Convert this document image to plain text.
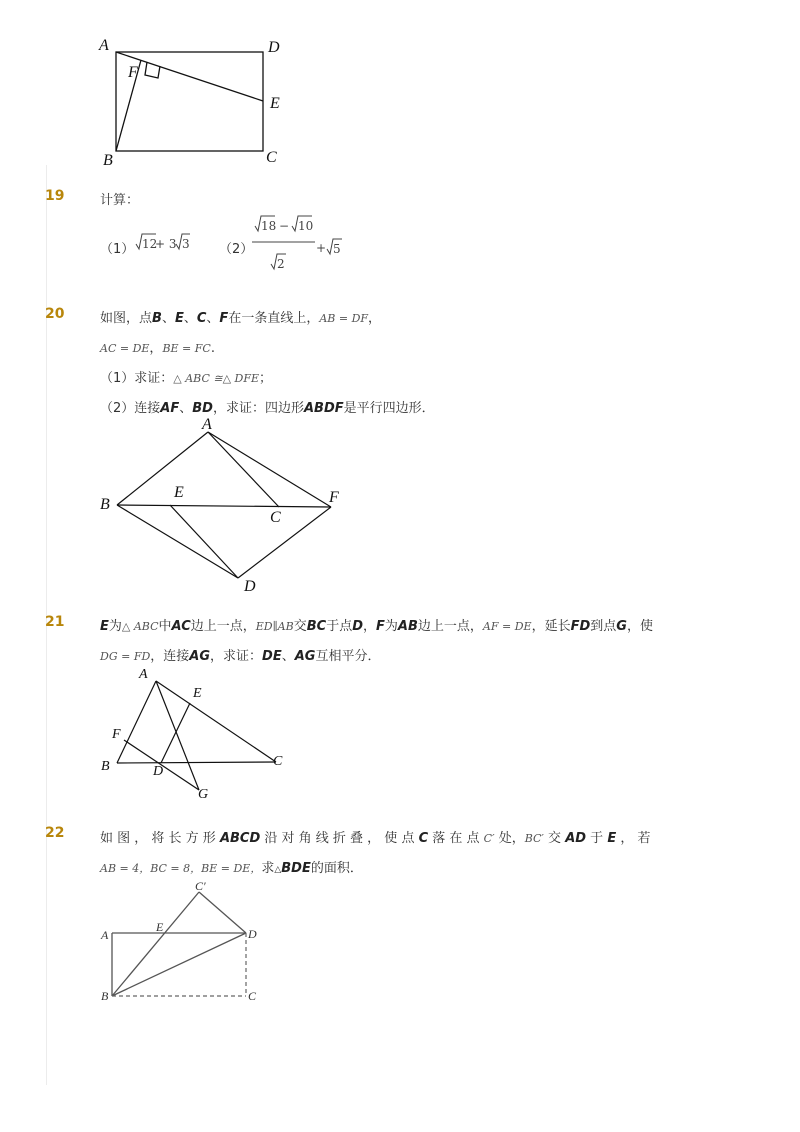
A	D
F
E
B	C
19	计算：
（1） 12
+ 3 3
18 − 10
2
+ 5
（2）
20	如图，点B、E、C、F在一条直线上，AB = DF，
AC = DE，BE = FC.
（1）求证：△ ABC ≅△ DFE；
（2）连接AF、BD，求证：四边形ABDF是平行四边形．
A
B
E
C
F
D
21	E为△ ABC中AC边上一点，ED∥AB交BC于点D，F为AB边上一点，AF = DE，延长FD到点G，使
DG = FD，连接AG，求证：DE、AG互相平分．
A
E
F
B	D
C
G
22	如 图 ， 将 长 方 形 ABCD 沿 对 角 线 折 叠 ， 使 点 C 落 在 点 C′ 处，BC′ 交 AD 于 E ， 若
AB = 4，BC = 8，BE = DE，求△BDE的面积．
C′
A
E	D
B	C
